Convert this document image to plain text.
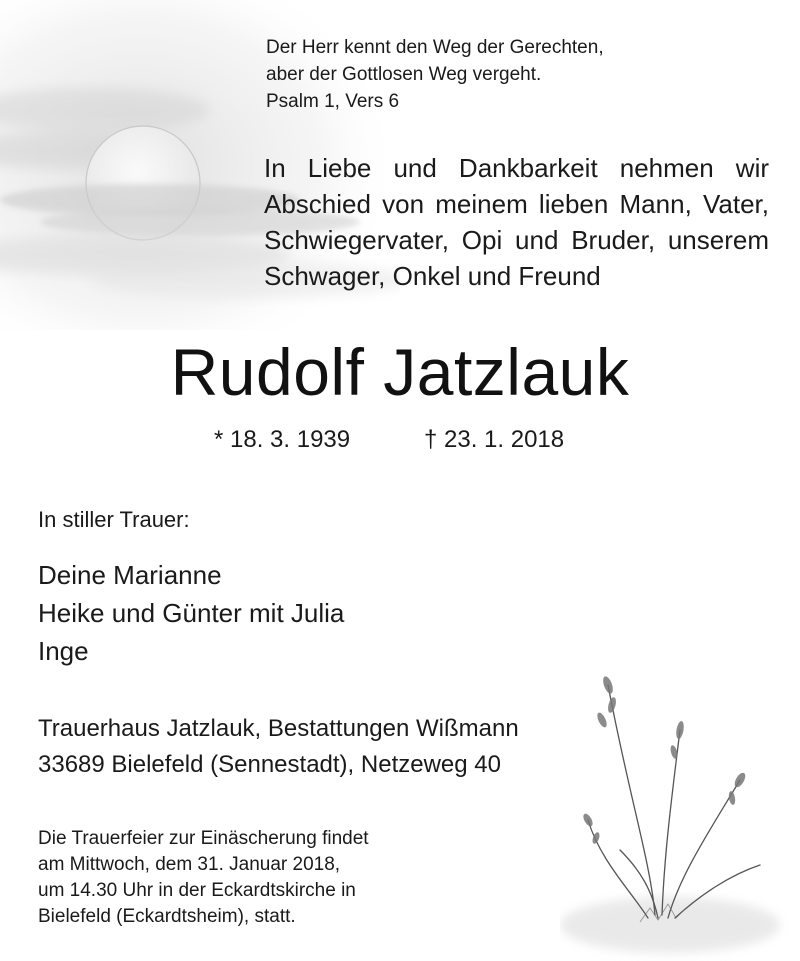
Der Herr kennt den Weg der Gerechten,
aber der Gottlosen Weg vergeht.
Psalm 1, Vers 6
In Liebe und Dankbarkeit nehmen wir
Abschied von meinem lieben Mann, Vater,
Schwiegervater, Opi und Bruder, unserem
Schwager, Onkel und Freund
Rudolf Jatzlauk
* 18. 3. 1939	† 23. 1. 2018
In stiller Trauer:
Deine Marianne
Heike und Günter mit Julia
Inge
Trauerhaus Jatzlauk, Bestattungen Wißmann
33689 Bielefeld (Sennestadt), Netzeweg 40
Die Trauerfeier zur Einäscherung findet
am Mittwoch, dem 31. Januar 2018,
um 14.30 Uhr in der Eckardtskirche in
Bielefeld (Eckardtsheim), statt.
